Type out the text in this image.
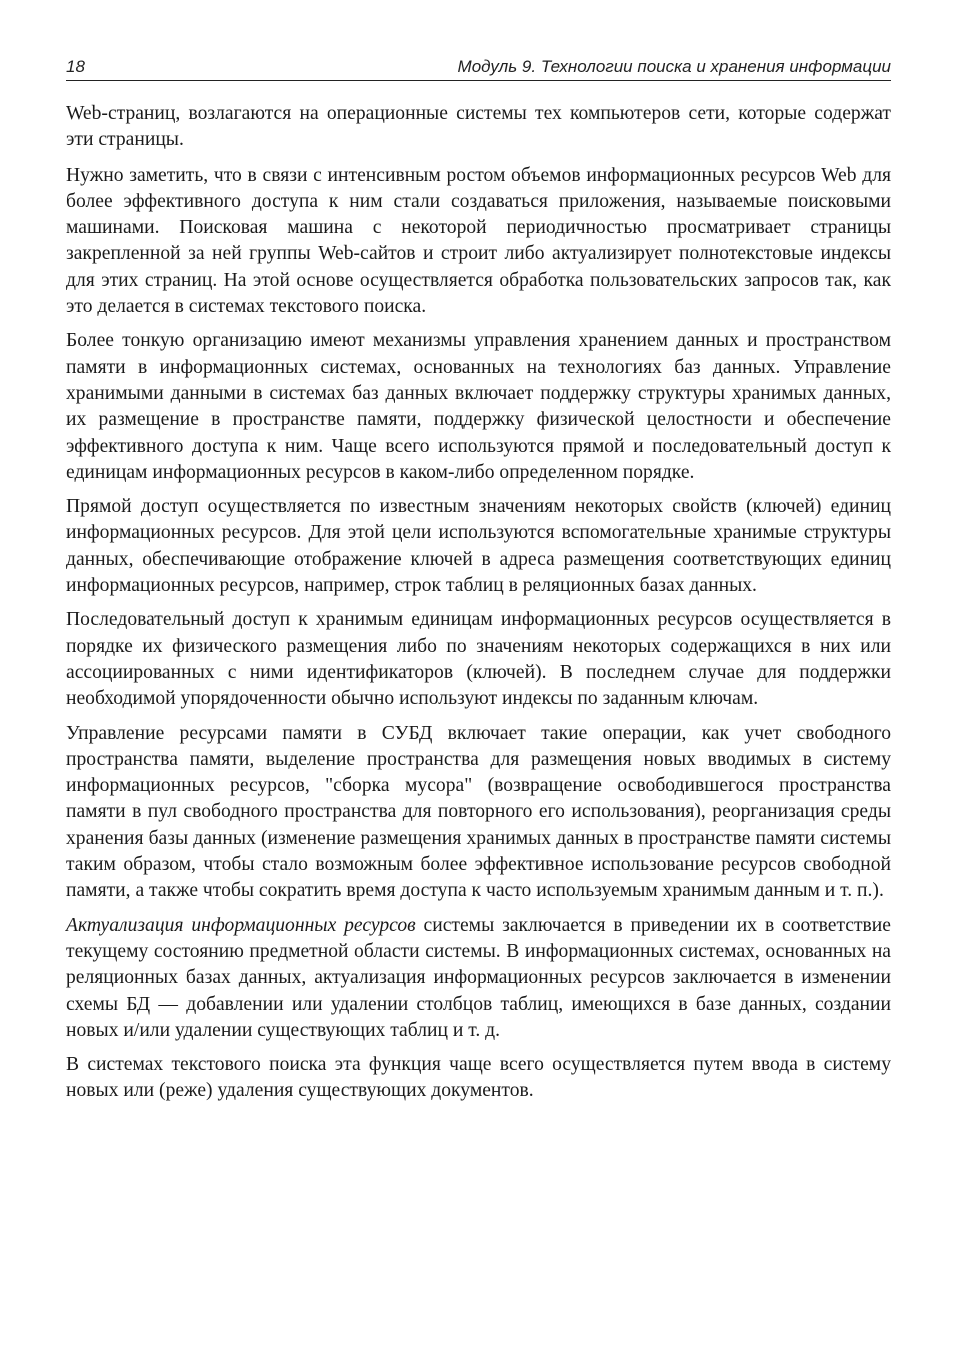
18	Модуль 9. Технологии поиска и хранения информации

Web-страниц, возлагаются на операционные системы тех компьютеров сети, которые содержат эти страницы.

Нужно заметить, что в связи с интенсивным ростом объемов информационных ресурсов Web для более эффективного доступа к ним стали создаваться приложения, называемые поисковыми машинами. Поисковая машина с некоторой периодичностью просматривает страницы закрепленной за ней группы Web-сайтов и строит либо актуализирует полнотекстовые индексы для этих страниц. На этой основе осуществляется обработка пользовательских запросов так, как это делается в системах текстового поиска.

Более тонкую организацию имеют механизмы управления хранением данных и пространством памяти в информационных системах, основанных на технологиях баз данных. Управление хранимыми данными в системах баз данных включает поддержку структуры хранимых данных, их размещение в пространстве памяти, поддержку физической целостности и обеспечение эффективного доступа к ним. Чаще всего используются прямой и последовательный доступ к единицам информационных ресурсов в каком-либо определенном порядке.

Прямой доступ осуществляется по известным значениям некоторых свойств (ключей) единиц информационных ресурсов. Для этой цели используются вспомогательные хранимые структуры данных, обеспечивающие отображение ключей в адреса размещения соответствующих единиц информационных ресурсов, например, строк таблиц в реляционных базах данных.

Последовательный доступ к хранимым единицам информационных ресурсов осуществляется в порядке их физического размещения либо по значениям некоторых содержащихся в них или ассоциированных с ними идентификаторов (ключей). В последнем случае для поддержки необходимой упорядоченности обычно используют индексы по заданным ключам.

Управление ресурсами памяти в СУБД включает такие операции, как учет свободного пространства памяти, выделение пространства для размещения новых вводимых в систему информационных ресурсов, "сборка мусора" (возвращение освободившегося пространства памяти в пул свободного пространства для повторного его использования), реорганизация среды хранения базы данных (изменение размещения хранимых данных в пространстве памяти системы таким образом, чтобы стало возможным более эффективное использование ресурсов свободной памяти, а также чтобы сократить время доступа к часто используемым хранимым данным и т. п.).

Актуализация информационных ресурсов системы заключается в приведении их в соответствие текущему состоянию предметной области системы. В информационных системах, основанных на реляционных базах данных, актуализация информационных ресурсов заключается в изменении схемы БД — добавлении или удалении столбцов таблиц, имеющихся в базе данных, создании новых и/или удалении существующих таблиц и т. д.

В системах текстового поиска эта функция чаще всего осуществляется путем ввода в систему новых или (реже) удаления существующих документов.
